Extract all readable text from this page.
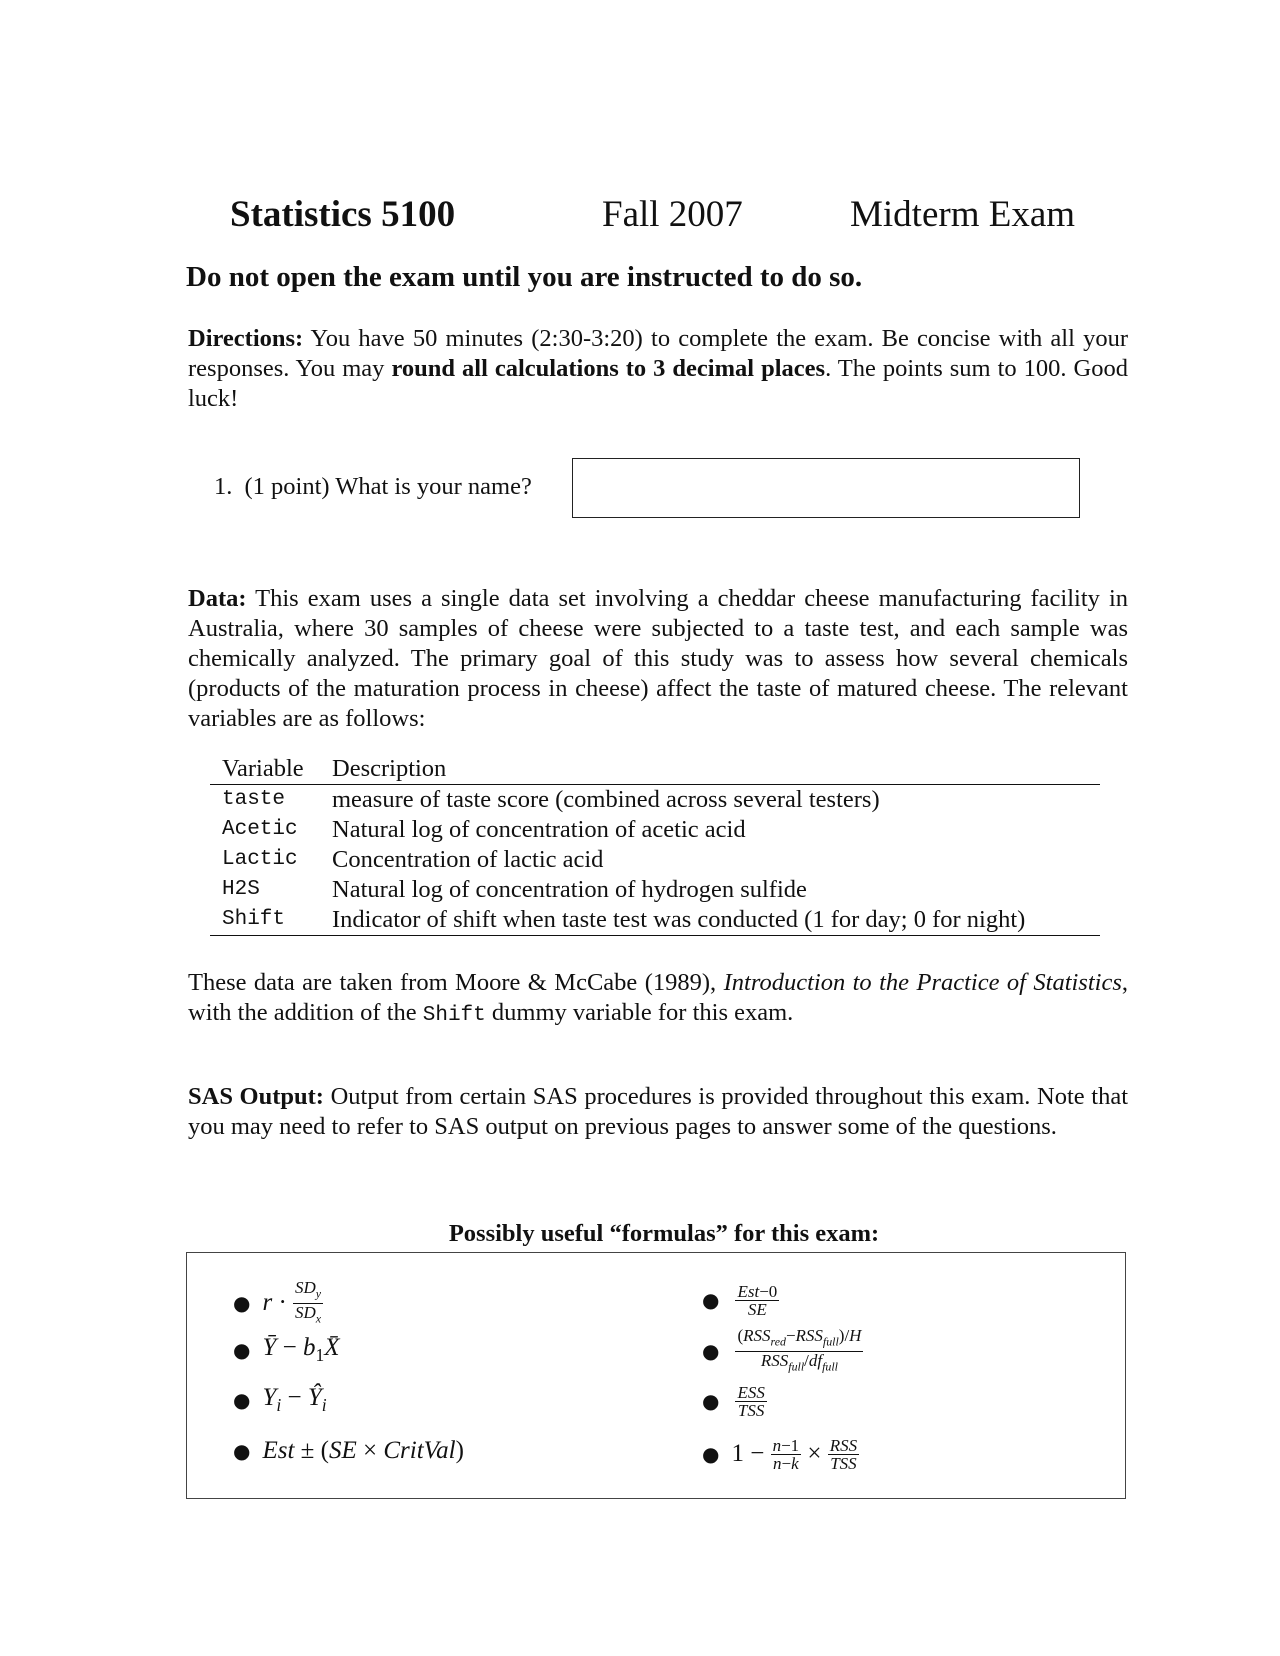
Statistics 5100	Fall 2007	Midterm Exam
Do not open the exam until you are instructed to do so.
Directions: You have 50 minutes (2:30-3:20) to complete the exam. Be concise with all your responses. You may round all calculations to 3 decimal places. The points sum to 100. Good luck!
1. (1 point) What is your name?
Data: This exam uses a single data set involving a cheddar cheese manufacturing facility in Australia, where 30 samples of cheese were subjected to a taste test, and each sample was chemically analyzed. The primary goal of this study was to assess how several chemicals (products of the maturation process in cheese) affect the taste of matured cheese. The relevant variables are as follows:
Variable	Description
taste	measure of taste score (combined across several testers)
Acetic	Natural log of concentration of acetic acid
Lactic	Concentration of lactic acid
H2S	Natural log of concentration of hydrogen sulfide
Shift	Indicator of shift when taste test was conducted (1 for day; 0 for night)
These data are taken from Moore & McCabe (1989), Introduction to the Practice of Statistics, with the addition of the Shift dummy variable for this exam.
SAS Output: Output from certain SAS procedures is provided throughout this exam. Note that you may need to refer to SAS output on previous pages to answer some of the questions.
Possibly useful “formulas” for this exam:
● $r \cdot \frac{SD_y}{SD_x}$
● Ȳ − $b_1X̄$
● $Y_i$ − $Ŷ_i$
● Est ± (SE × CritVal)
● $\frac{\text{Est−0}}{SE}$
● $\frac{(RSS_{red}-RSS_{full})/H}{RSS_{full}/df_{full}}$
● $\frac{\text{ESS}}{\text{TSS}}$
● $1 - \frac{n-1}{n-k} \times \frac{\text{RSS}}{\text{TSS}}$
